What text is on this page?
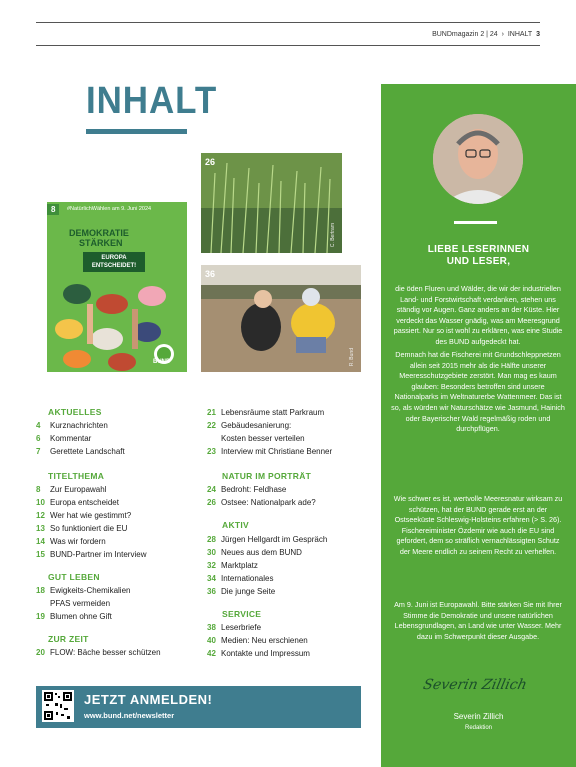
BUNDmagazin 2 | 24 › INHALT 3
INHALT
8	#NatürlichWählen am 9. Juni 2024
DEMOKRATIE
STÄRKEN
EUROPA
ENTSCHEIDET!
BUND
26
C. Bertram
36
R. Bund
AKTUELLES
4 Kurznachrichten
6 Kommentar
7 Gerettete Landschaft
TITELTHEMA
8 Zur Europawahl
10 Europa entscheidet
12 Wer hat wie gestimmt?
13 So funktioniert die EU
14 Was wir fordern
15 BUND-Partner im Interview
GUT LEBEN
18 Ewigkeits-Chemikalien
PFAS vermeiden
19 Blumen ohne Gift
ZUR ZEIT
20 FLOW: Bäche besser schützen
21 Lebensräume statt Parkraum
22 Gebäudesanierung:
Kosten besser verteilen
23 Interview mit Christiane Benner
NATUR IM PORTRÄT
24 Bedroht: Feldhase
26 Ostsee: Nationalpark ade?
AKTIV
28 Jürgen Hellgardt im Gespräch
30 Neues aus dem BUND
32 Marktplatz
34 Internationales
36 Die junge Seite
SERVICE
38 Leserbriefe
40 Medien: Neu erschienen
42 Kontakte und Impressum
LIEBE LESERINNEN
UND LESER,
die öden Fluren und Wälder, die wir der industriellen Land- und Forstwirtschaft verdanken, stehen uns ständig vor Augen. Ganz anders an der Küste. Hier verdeckt das Wasser gnädig, was am Meeresgrund passiert. Nur so ist wohl zu erklären, was eine Studie des BUND aufgedeckt hat.
Demnach hat die Fischerei mit Grundschleppnetzen allein seit 2015 mehr als die Hälfte unserer Meeresschutzgebiete zerstört. Man mag es kaum glauben: Besonders betroffen sind unsere Nationalparks im Weltnaturerbe Wattenmeer. Das ist so, als würden wir Naturschätze wie Jasmund, Hainich oder Bayerischer Wald regelmäßig roden und durchpflügen.
Wie schwer es ist, wertvolle Meeresnatur wirksam zu schützen, hat der BUND gerade erst an der Ostseeküste Schleswig-Holsteins erfahren (> S. 26). Fischereiminister Özdemir wie auch die EU sind gefordert, dem so sträflich vernachlässigten Schutz der Meere endlich zu seinem Recht zu verhelfen.
Am 9. Juni ist Europawahl. Bitte stärken Sie mit Ihrer Stimme die Demokratie und unsere natürlichen Lebensgrundlagen, an Land wie unter Wasser. Mehr dazu im Schwerpunkt dieser Ausgabe.
Severin Zillich
Severin Zillich
Redaktion
JETZT ANMELDEN!
www.bund.net/newsletter
